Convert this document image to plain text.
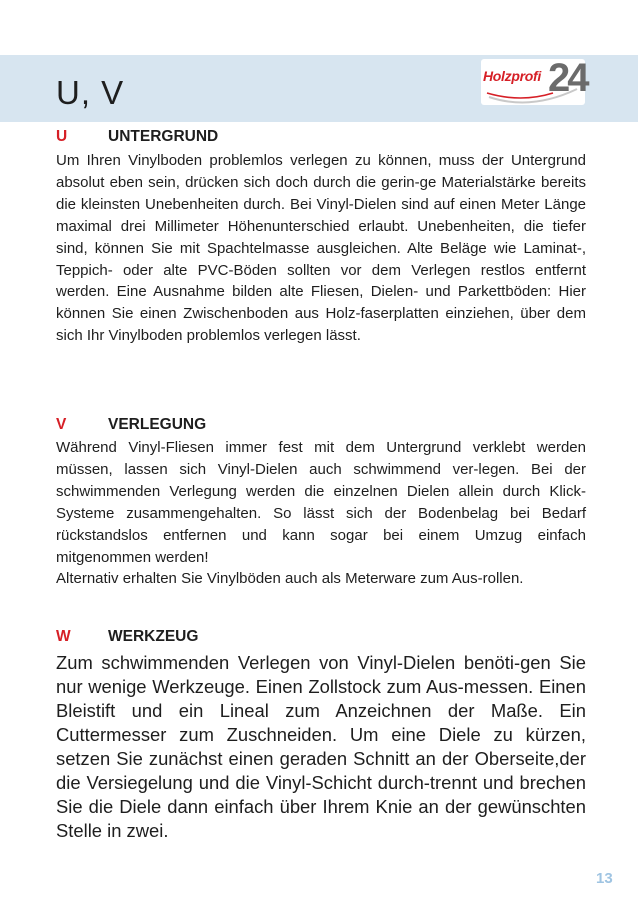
U, V	Holzprofi 24
U	UNTERGRUND

Um Ihren Vinylboden problemlos verlegen zu können, muss der Untergrund absolut eben sein, drücken sich doch durch die gerin-ge Materialstärke bereits die kleinsten Unebenheiten durch. Bei Vinyl-Dielen sind auf einen Meter Länge maximal drei Millimeter Höhenunterschied erlaubt. Unebenheiten, die tiefer sind, können Sie mit Spachtelmasse ausgleichen. Alte Beläge wie Laminat-, Teppich- oder alte PVC-Böden sollten vor dem Verlegen restlos entfernt werden. Eine Ausnahme bilden alte Fliesen, Dielen- und Parkettböden: Hier können Sie einen Zwischenboden aus Holz-faserplatten einziehen, über dem sich Ihr Vinylboden problemlos verlegen lässt.

V	VERLEGUNG

Während Vinyl-Fliesen immer fest mit dem Untergrund verklebt werden müssen, lassen sich Vinyl-Dielen auch schwimmend ver-legen. Bei der schwimmenden Verlegung werden die einzelnen Dielen allein durch Klick-Systeme zusammengehalten. So lässt sich der Bodenbelag bei Bedarf rückstandslos entfernen und kann sogar bei einem Umzug einfach mitgenommen werden!

Alternativ erhalten Sie Vinylböden auch als Meterware zum Aus-rollen.

W WERKZEUG

Zum schwimmenden Verlegen von Vinyl-Dielen benöti-gen Sie nur wenige Werkzeuge. Einen Zollstock zum Aus-messen. Einen Bleistift und ein Lineal zum Anzeichnen der Maße. Ein Cuttermesser zum Zuschneiden. Um eine Diele zu kürzen, setzen Sie zunächst einen geraden Schnitt an der Oberseite,der die Versiegelung und die Vinyl-Schicht durch-trennt und brechen Sie die Diele dann einfach über Ihrem Knie an der gewünschten Stelle in zwei.

13
